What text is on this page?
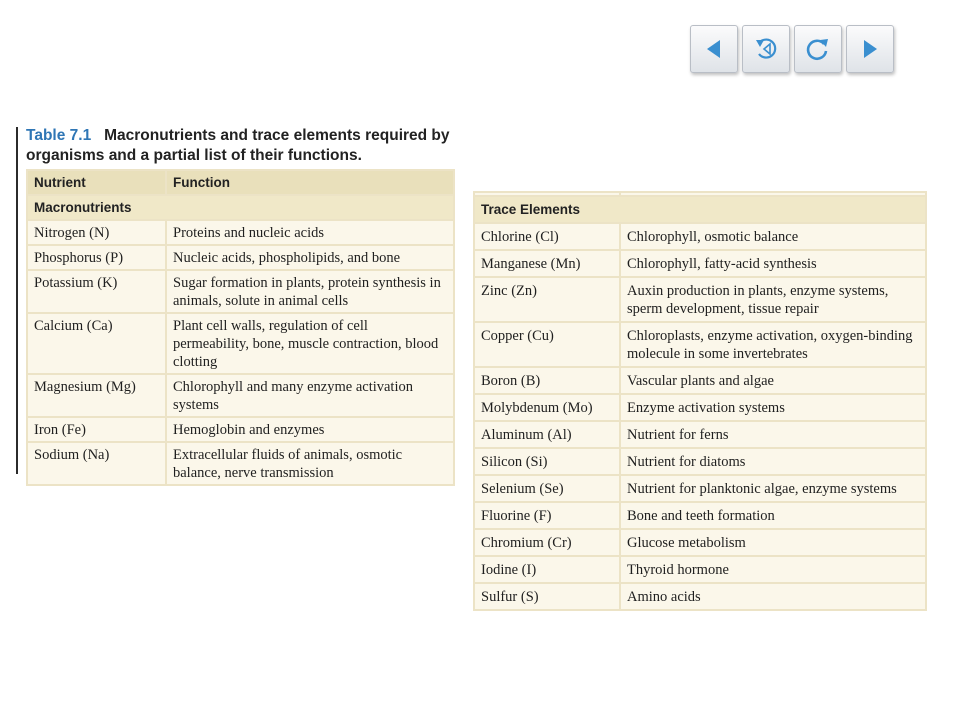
Table 7.1 Macronutrients and trace elements required by organisms and a partial list of their functions.

Nutrient	Function
Macronutrients	
Nitrogen (N)	Proteins and nucleic acids
Phosphorus (P)	Nucleic acids, phospholipids, and bone
Potassium (K)	Sugar formation in plants, protein synthesis in animals, solute in animal cells
Calcium (Ca)	Plant cell walls, regulation of cell permeability, bone, muscle contraction, blood clotting
Magnesium (Mg)	Chlorophyll and many enzyme activation systems
Iron (Fe)	Hemoglobin and enzymes
Sodium (Na)	Extracellular fluids of animals, osmotic balance, nerve transmission

Trace Elements	
Chlorine (Cl)	Chlorophyll, osmotic balance
Manganese (Mn)	Chlorophyll, fatty-acid synthesis
Zinc (Zn)	Auxin production in plants, enzyme systems, sperm development, tissue repair
Copper (Cu)	Chloroplasts, enzyme activation, oxygen-binding molecule in some invertebrates
Boron (B)	Vascular plants and algae
Molybdenum (Mo)	Enzyme activation systems
Aluminum (Al)	Nutrient for ferns
Silicon (Si)	Nutrient for diatoms
Selenium (Se)	Nutrient for planktonic algae, enzyme systems
Fluorine (F)	Bone and teeth formation
Chromium (Cr)	Glucose metabolism
Iodine (I)	Thyroid hormone
Sulfur (S)	Amino acids
